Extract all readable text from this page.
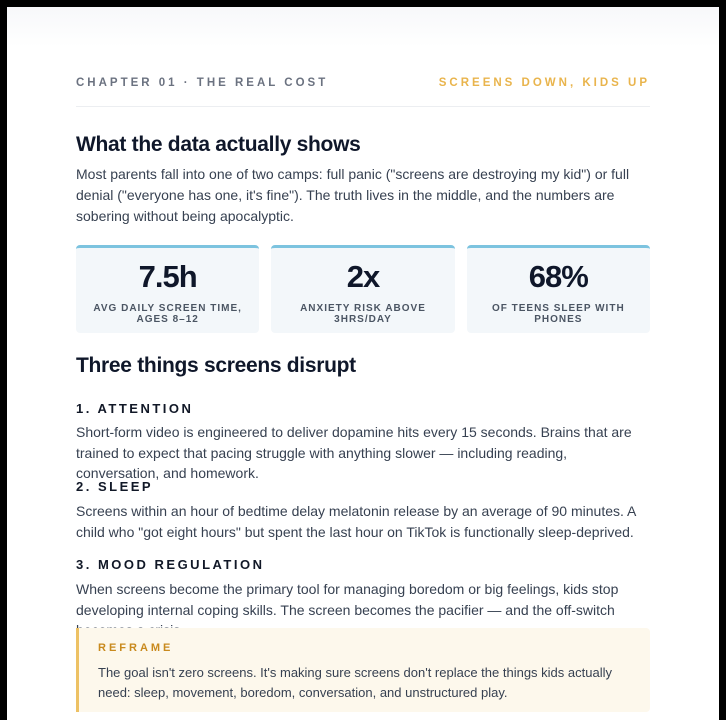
CHAPTER 01 · THE REAL COST	SCREENS DOWN, KIDS UP
What the data actually shows

Most parents fall into one of two camps: full panic ("screens are destroying my kid") or full denial ("everyone has one, it's fine"). The truth lives in the middle, and the numbers are sobering without being apocalyptic.

7.5h
AVG DAILY SCREEN TIME, AGES 8–12
2x
ANXIETY RISK ABOVE 3HRS/DAY
68%
OF TEENS SLEEP WITH PHONES
Three things screens disrupt
1. ATTENTION

Short-form video is engineered to deliver dopamine hits every 15 seconds. Brains that are trained to expect that pacing struggle with anything slower — including reading, conversation, and homework.

2. SLEEP

Screens within an hour of bedtime delay melatonin release by an average of 90 minutes. A child who "got eight hours" but spent the last hour on TikTok is functionally sleep-deprived.

3. MOOD REGULATION

When screens become the primary tool for managing boredom or big feelings, kids stop developing internal coping skills. The screen becomes the pacifier — and the off-switch

REFRAME

The goal isn't zero screens. It's making sure screens don't replace the things kids actually need: sleep, movement, boredom, conversation, and unstructured play.
